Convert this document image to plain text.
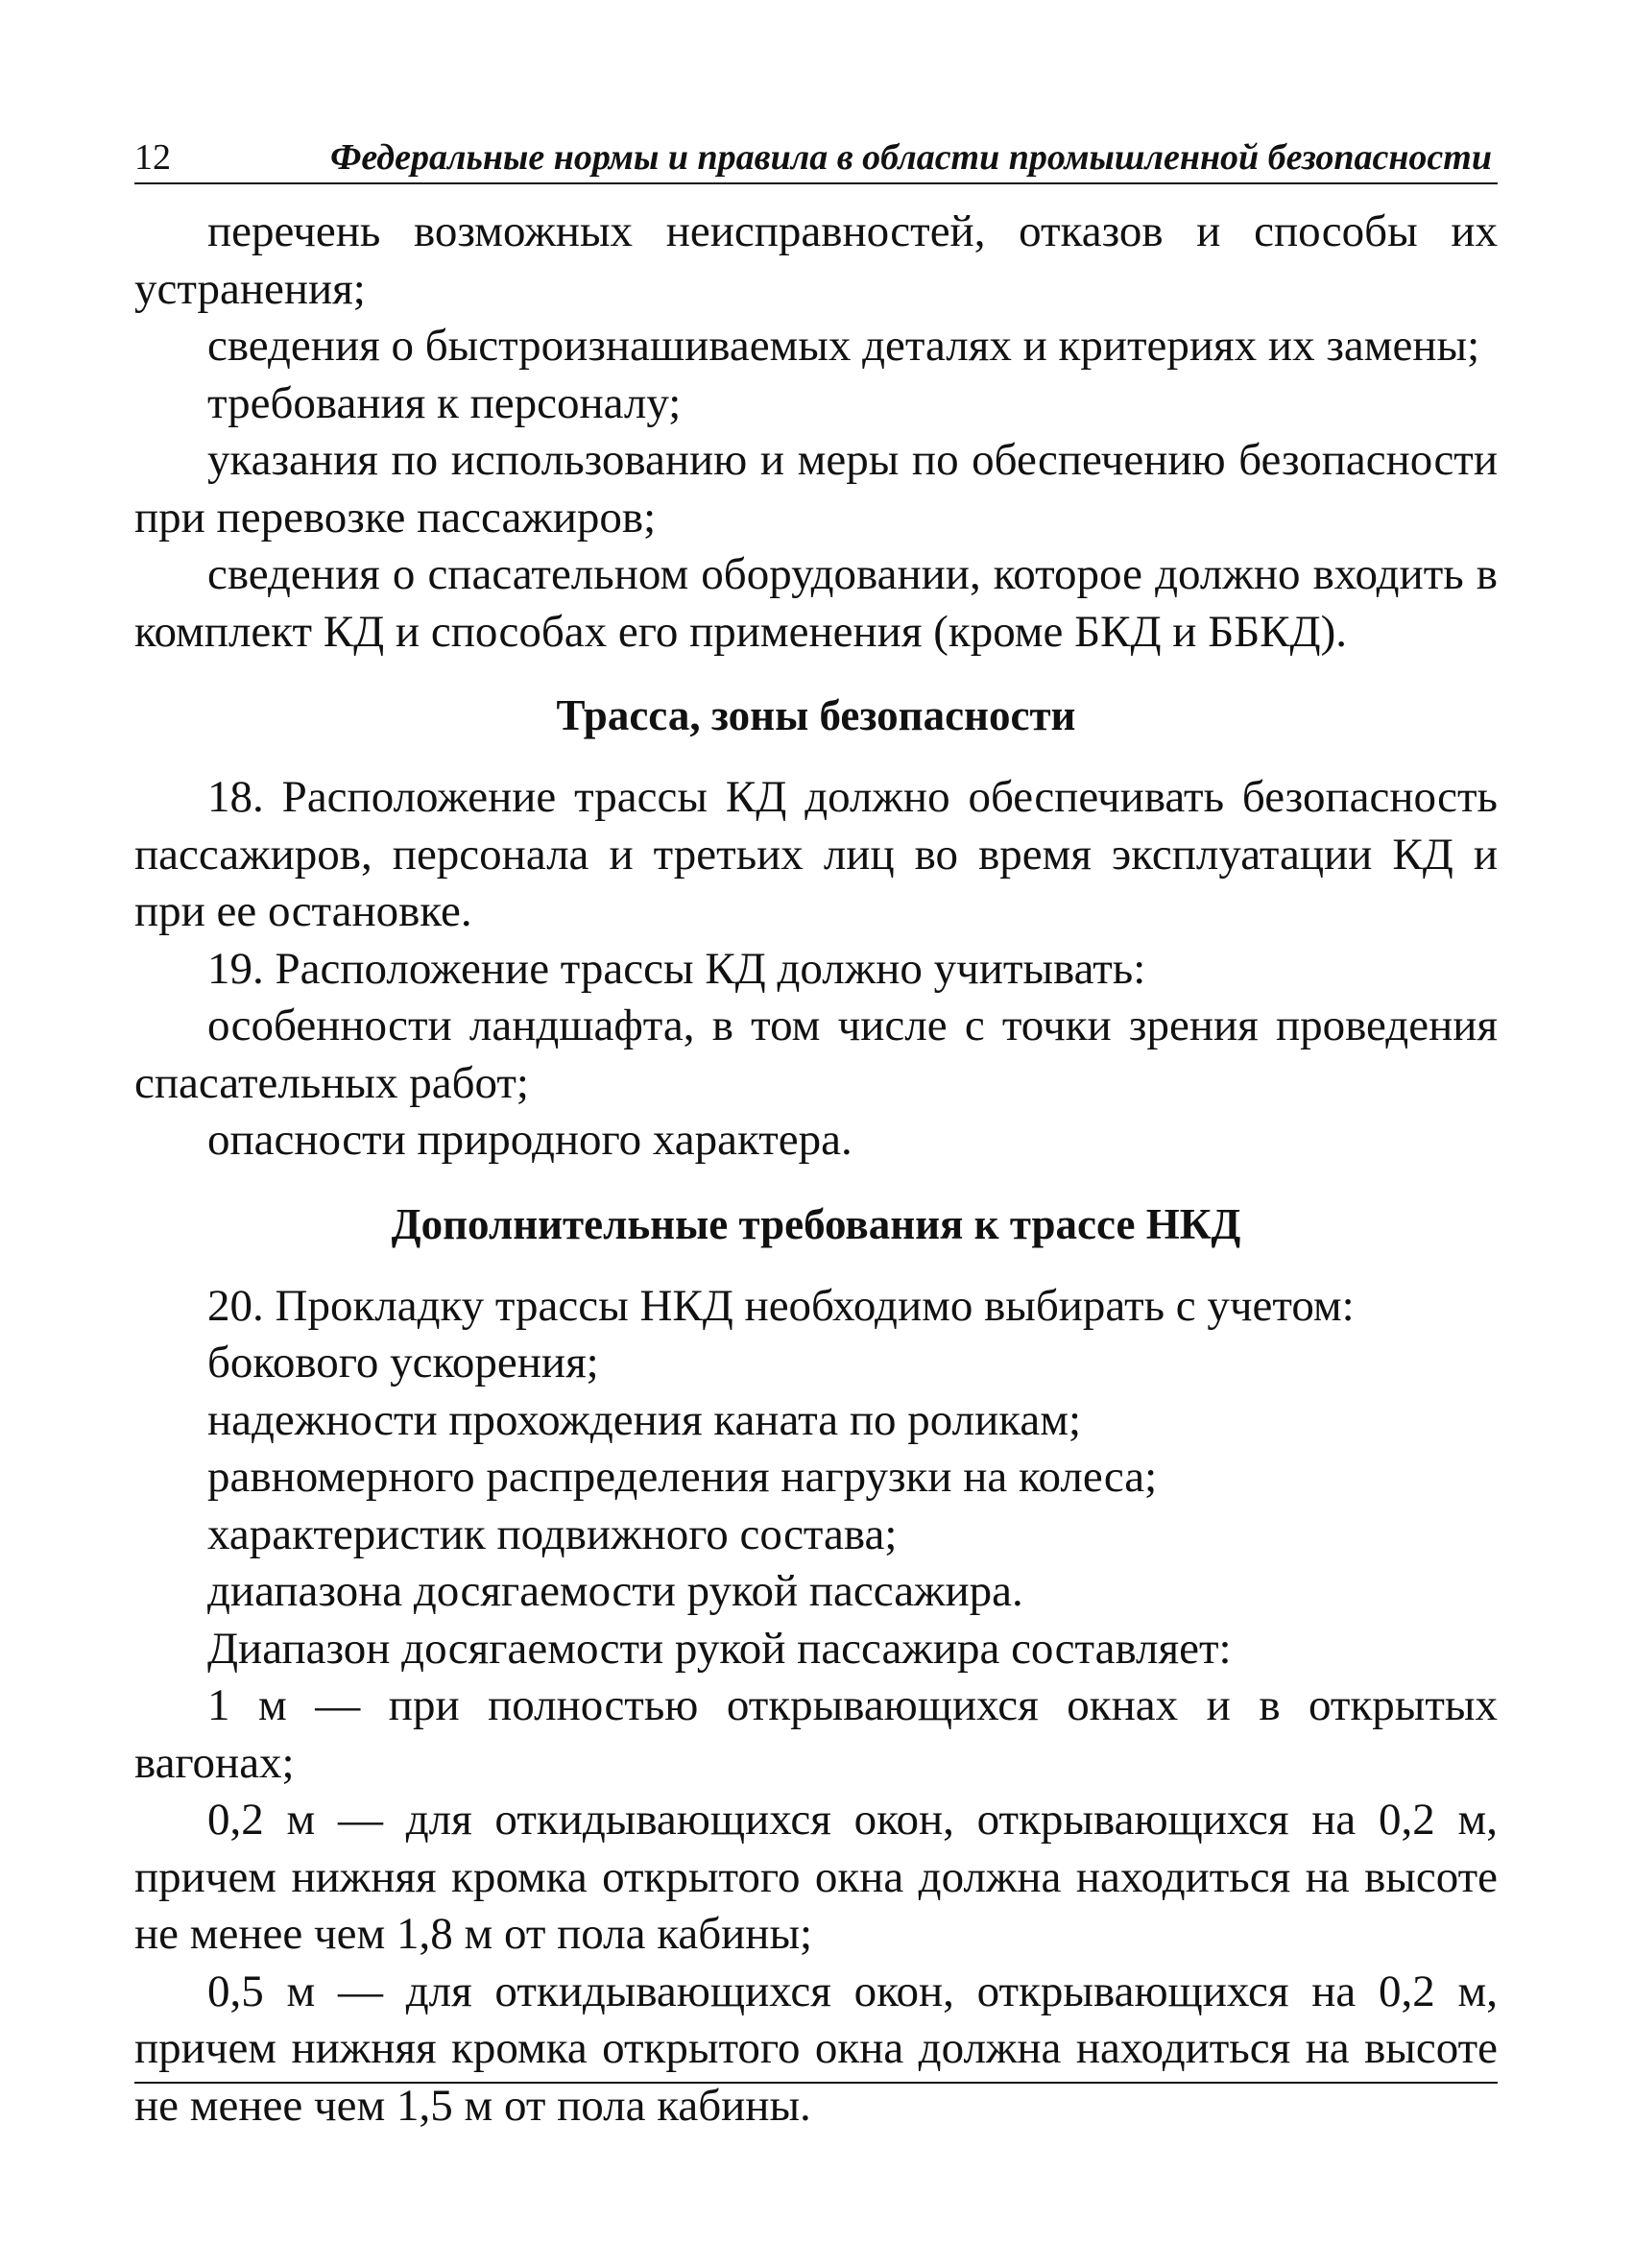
12	Федеральные нормы и правила в области промышленной безопасности

перечень возможных неисправностей, отказов и способы их устранения;

сведения о быстроизнашиваемых деталях и критериях их замены;

требования к персоналу;

указания по использованию и меры по обеспечению безопасности при перевозке пассажиров;

сведения о спасательном оборудовании, которое должно входить в комплект КД и способах его применения (кроме БКД и ББКД).

Трасса, зоны безопасности

18. Расположение трассы КД должно обеспечивать безопасность пассажиров, персонала и третьих лиц во время эксплуатации КД и при ее остановке.

19. Расположение трассы КД должно учитывать:

особенности ландшафта, в том числе с точки зрения проведения спасательных работ;

опасности природного характера.

Дополнительные требования к трассе НКД

20. Прокладку трассы НКД необходимо выбирать с учетом:

бокового ускорения;

надежности прохождения каната по роликам;

равномерного распределения нагрузки на колеса;

характеристик подвижного состава;

диапазона досягаемости рукой пассажира.

Диапазон досягаемости рукой пассажира составляет:

1 м — при полностью открывающихся окнах и в открытых вагонах;

0,2 м — для откидывающихся окон, открывающихся на 0,2 м, причем нижняя кромка открытого окна должна находиться на высоте не менее чем 1,8 м от пола кабины;

0,5 м — для откидывающихся окон, открывающихся на 0,2 м, причем нижняя кромка открытого окна должна находиться на высоте не менее чем 1,5 м от пола кабины.
